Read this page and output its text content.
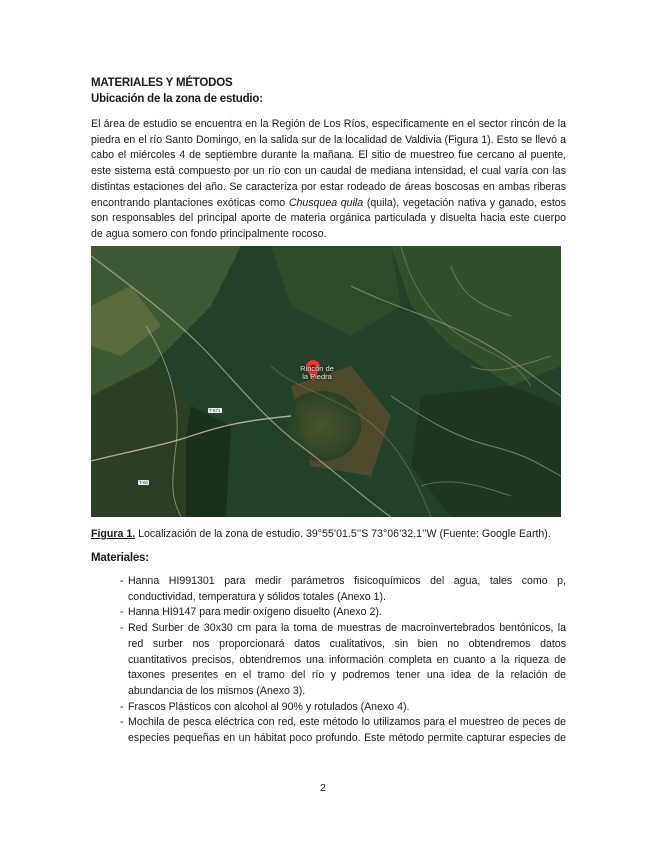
MATERIALES Y MÉTODOS
Ubicación de la zona de estudio:
El área de estudio se encuentra en la Región de Los Ríos, específicamente en el sector rincón de la
piedra en el río Santo Domingo, en la salida sur de la localidad de Valdivia (Figura 1). Esto se llevó a
cabo el miércoles 4 de septiembre durante la mañana. El sitio de muestreo fue cercano al puente,
este sistema está compuesto por un río con un caudal de mediana intensidad, el cual varía con las
distintas estaciones del año. Se caracteriza por estar rodeado de áreas boscosas en ambas riberas
encontrando plantaciones exóticas como Chusquea quila (quila), vegetación nativa y ganado, estos
son responsables del principal aporte de materia orgánica particulada y disuelta hacia este cuerpo
de agua somero con fondo principalmente rocoso.
Rincón de
la Piedra
T-671
T-60
Figura 1. Localización de la zona de estudio. 39°55’01.5’’S 73°06’32.1’’W (Fuente: Google Earth).
Materiales:
- Hanna HI991301 para medir parámetros fisicoquímicos del agua, tales como p,
conductividad, temperatura y sólidos totales (Anexo 1).
- Hanna HI9147 para medir oxígeno disuelto (Anexo 2).
- Red Surber de 30x30 cm para la toma de muestras de macroinvertebrados bentónicos, la
red surber nos proporcionará datos cualitativos, sin bien no obtendremos datos
cuantitativos precisos, obtendremos una información completa en cuanto a la riqueza de
taxones presentes en el tramo del río y podremos tener una idea de la relación de
abundancia de los mismos (Anexo 3).
- Frascos Plásticos con alcohol al 90% y rotulados (Anexo 4).
- Mochila de pesca eléctrica con red, este método lo utilizamos para el muestreo de peces de
especies pequeñas en un hábitat poco profundo. Este método permite capturar especies de
2
